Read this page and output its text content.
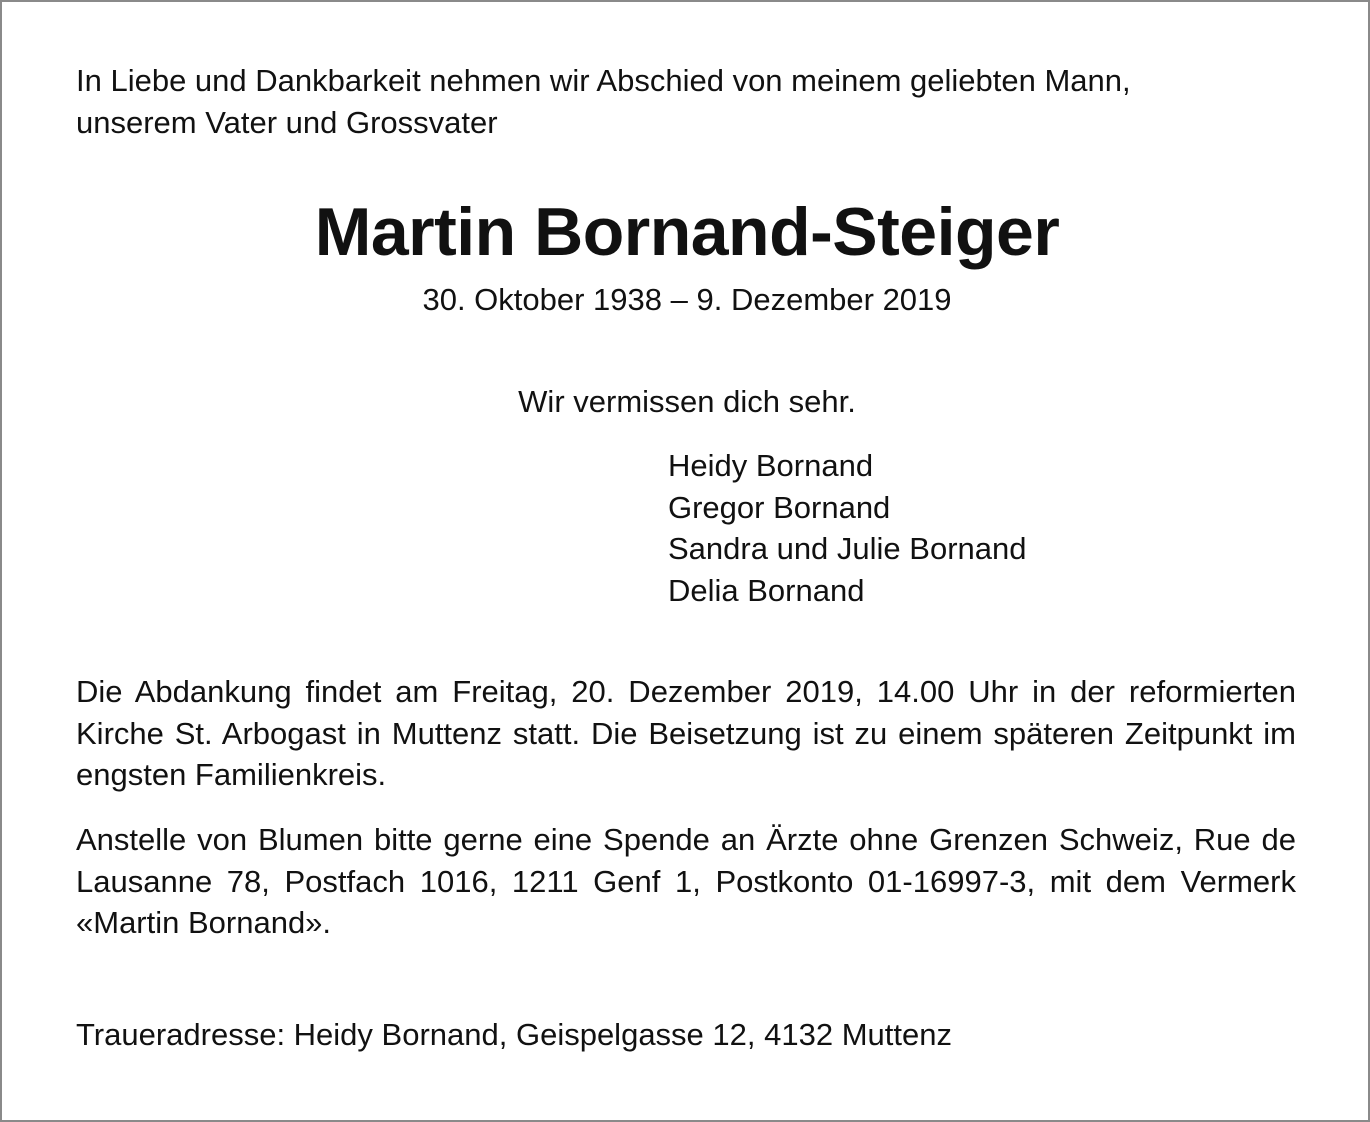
In Liebe und Dankbarkeit nehmen wir Abschied von meinem geliebten Mann,
unserem Vater und Grossvater

Martin Bornand-Steiger

30. Oktober 1938 – 9. Dezember 2019

Wir vermissen dich sehr.

Heidy Bornand
Gregor Bornand
Sandra und Julie Bornand
Delia Bornand

Die Abdankung findet am Freitag, 20. Dezember 2019, 14.00 Uhr in der reformierten Kirche St. Arbogast in Muttenz statt. Die Beisetzung ist zu einem späteren Zeitpunkt im engsten Familienkreis.

Anstelle von Blumen bitte gerne eine Spende an Ärzte ohne Grenzen Schweiz, Rue de Lausanne 78, Postfach 1016, 1211 Genf 1, Postkonto 01-16997-3, mit dem Vermerk «Martin Bornand».

Traueradresse: Heidy Bornand, Geispelgasse 12, 4132 Muttenz
